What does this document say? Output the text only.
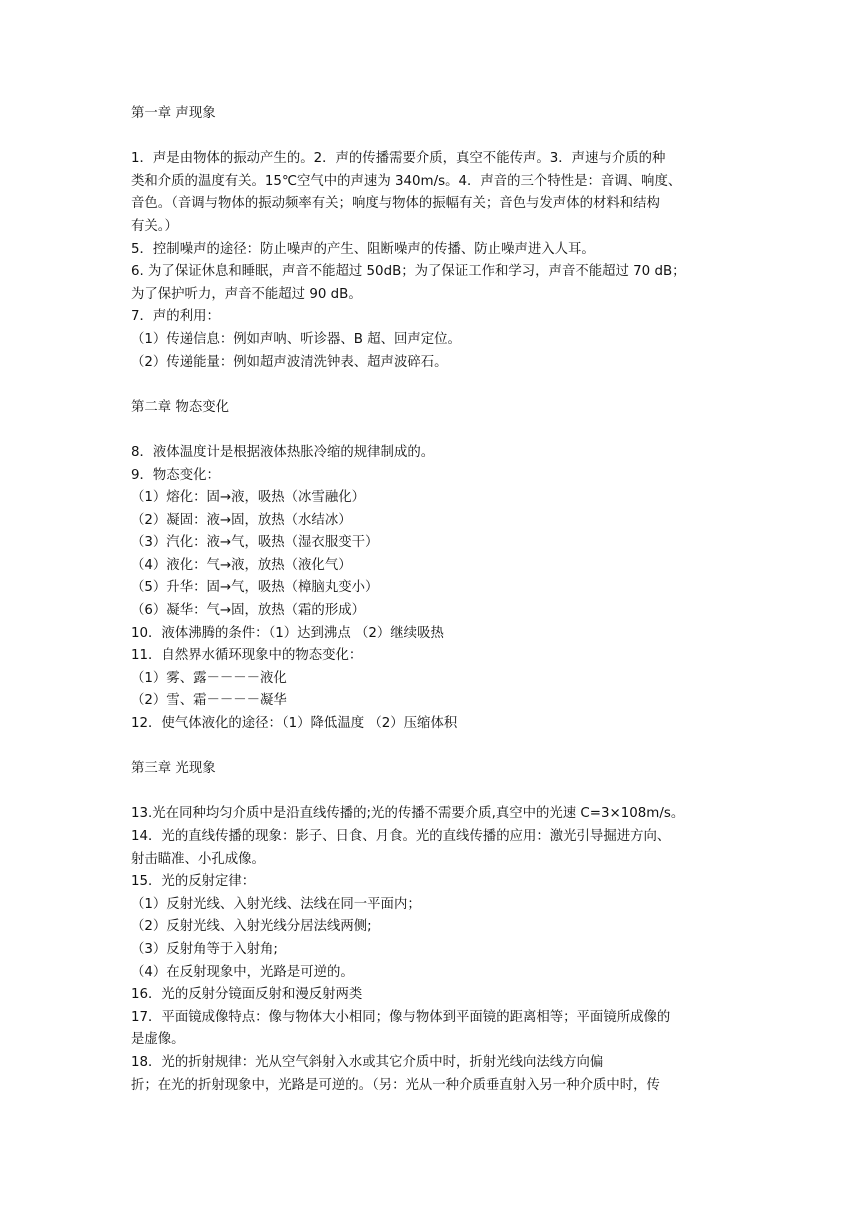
第一章 声现象
1．声是由物体的振动产生的。2．声的传播需要介质，真空不能传声。3．声速与介质的种
类和介质的温度有关。15℃空气中的声速为 340m/s。4．声音的三个特性是：音调、响度、
音色。（音调与物体的振动频率有关；响度与物体的振幅有关；音色与发声体的材料和结构
有关。）
5．控制噪声的途径：防止噪声的产生、阻断噪声的传播、防止噪声进入人耳。
6. 为了保证休息和睡眠，声音不能超过 50dB；为了保证工作和学习，声音不能超过 70 dB；
为了保护听力，声音不能超过 90 dB。
7．声的利用：
（1）传递信息：例如声呐、听诊器、B 超、回声定位。
（2）传递能量：例如超声波清洗钟表、超声波碎石。
第二章 物态变化
8．液体温度计是根据液体热胀冷缩的规律制成的。
9．物态变化：
（1）熔化：固→液，吸热（冰雪融化）
（2）凝固：液→固，放热（水结冰）
（3）汽化：液→气，吸热（湿衣服变干）
（4）液化：气→液，放热（液化气）
（5）升华：固→气，吸热（樟脑丸变小）
（6）凝华：气→固，放热（霜的形成）
10．液体沸腾的条件：（1）达到沸点 （2）继续吸热
11．自然界水循环现象中的物态变化：
（1）雾、露－－－－液化
（2）雪、霜－－－－凝华
12．使气体液化的途径：（1）降低温度 （2）压缩体积
第三章 光现象
13.光在同种均匀介质中是沿直线传播的;光的传播不需要介质,真空中的光速 C=3×108m/s。
14．光的直线传播的现象：影子、日食、月食。光的直线传播的应用：激光引导掘进方向、
射击瞄准、小孔成像。
15．光的反射定律：
（1）反射光线、入射光线、法线在同一平面内；
（2）反射光线、入射光线分居法线两侧;
（3）反射角等于入射角;
（4）在反射现象中，光路是可逆的。
16．光的反射分镜面反射和漫反射两类
17．平面镜成像特点：像与物体大小相同；像与物体到平面镜的距离相等；平面镜所成像的
是虚像。
18．光的折射规律：光从空气斜射入水或其它介质中时，折射光线向法线方向偏
折；在光的折射现象中，光路是可逆的。（另：光从一种介质垂直射入另一种介质中时，传
